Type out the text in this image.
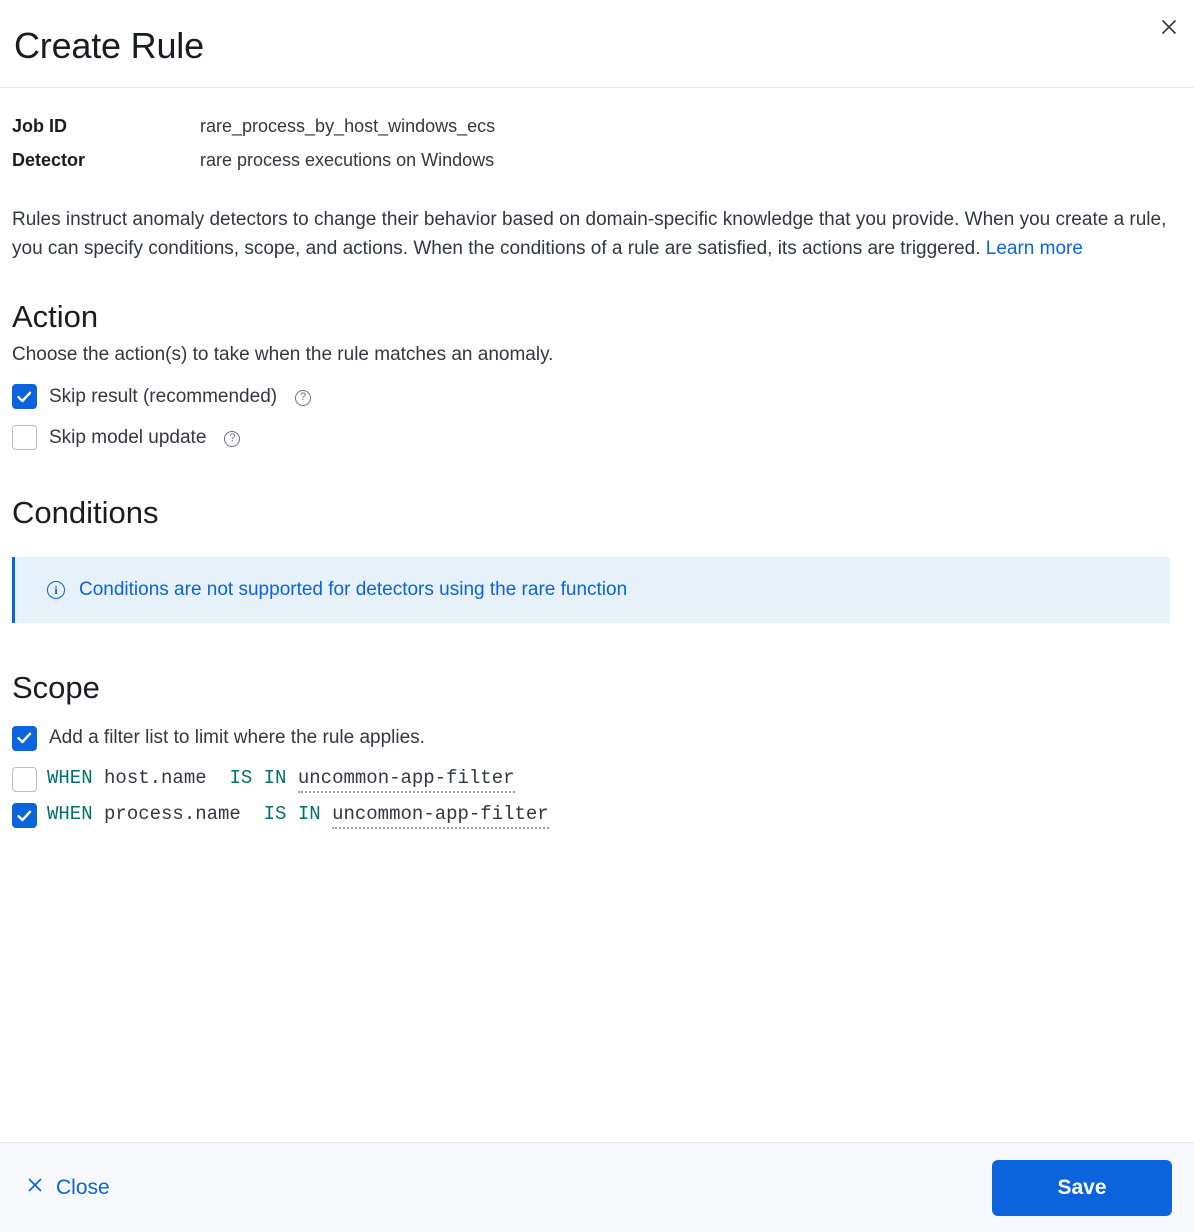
Create Rule
Job ID	rare_process_by_host_windows_ecs
Detector	rare process executions on Windows

Rules instruct anomaly detectors to change their behavior based on domain-specific knowledge that you provide. When you create a rule, you can specify conditions, scope, and actions. When the conditions of a rule are satisfied, its actions are triggered. Learn more

Action

Choose the action(s) to take when the rule matches an anomaly.

Skip result (recommended)	?
Skip model update	?
Conditions
i	Conditions are not supported for detectors using the rare function
Scope
Add a filter list to limit where the rule applies.
WHEN
host.name
IS IN
uncommon-app-filter
WHEN
process.name
IS IN
uncommon-app-filter
Close	Save
